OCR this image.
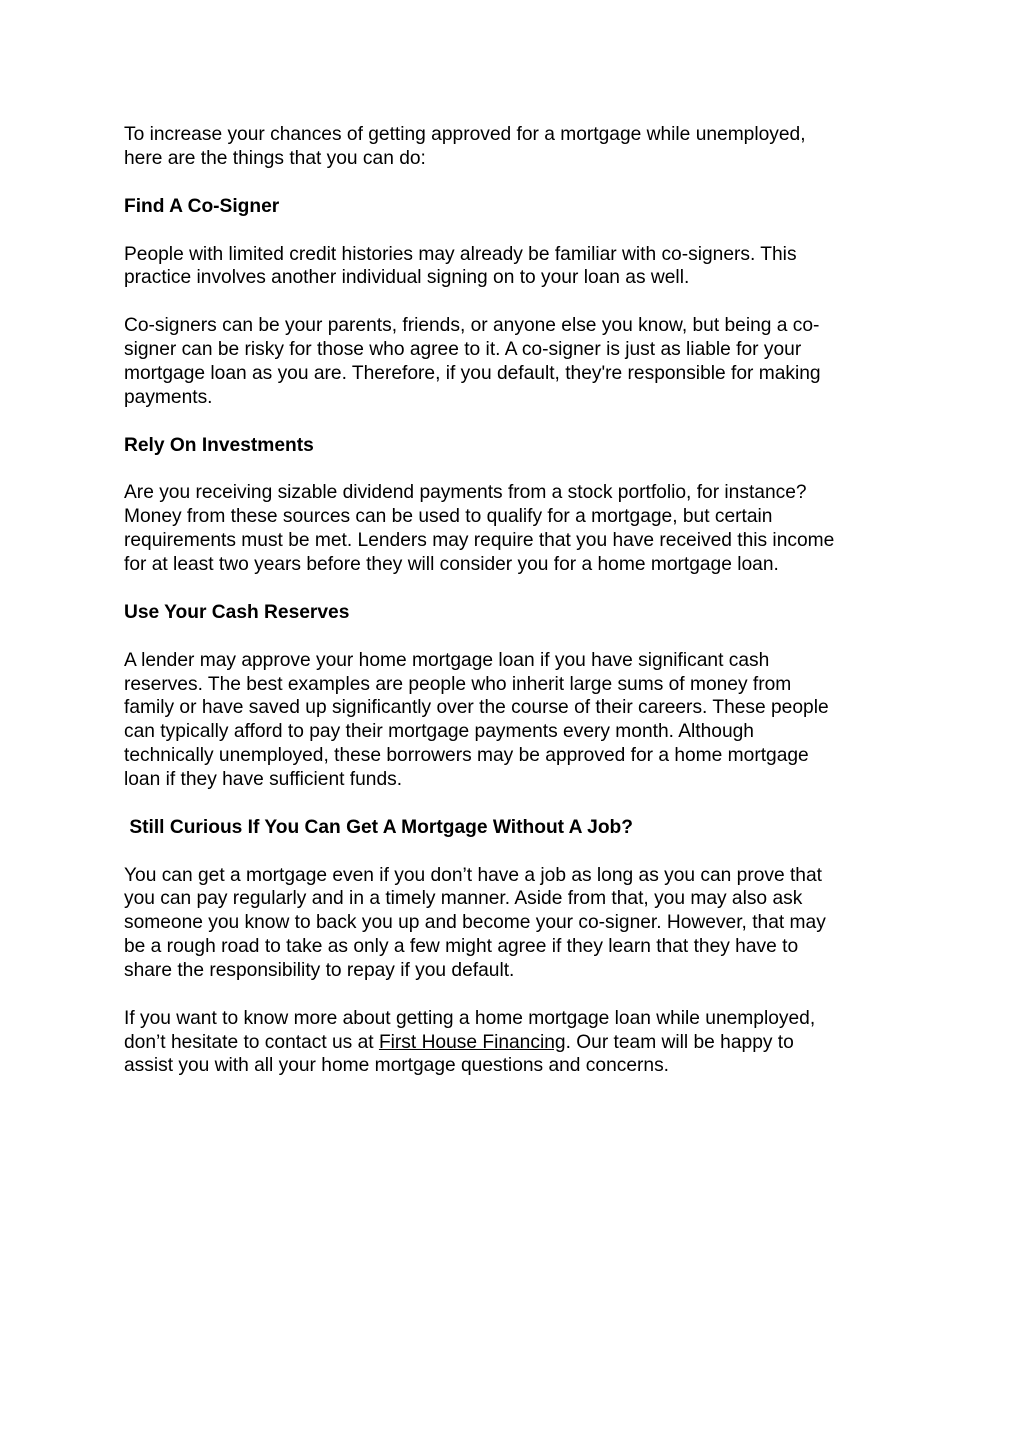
To increase your chances of getting approved for a mortgage while unemployed,
here are the things that you can do:

Find A Co-Signer

People with limited credit histories may already be familiar with co-signers. This
practice involves another individual signing on to your loan as well.

Co-signers can be your parents, friends, or anyone else you know, but being a co-
signer can be risky for those who agree to it. A co-signer is just as liable for your
mortgage loan as you are. Therefore, if you default, they're responsible for making
payments.

Rely On Investments

Are you receiving sizable dividend payments from a stock portfolio, for instance?
Money from these sources can be used to qualify for a mortgage, but certain
requirements must be met. Lenders may require that you have received this income
for at least two years before they will consider you for a home mortgage loan.

Use Your Cash Reserves

A lender may approve your home mortgage loan if you have significant cash
reserves. The best examples are people who inherit large sums of money from
family or have saved up significantly over the course of their careers. These people
can typically afford to pay their mortgage payments every month. Although
technically unemployed, these borrowers may be approved for a home mortgage
loan if they have sufficient funds.

Still Curious If You Can Get A Mortgage Without A Job?

You can get a mortgage even if you don’t have a job as long as you can prove that
you can pay regularly and in a timely manner. Aside from that, you may also ask
someone you know to back you up and become your co-signer. However, that may
be a rough road to take as only a few might agree if they learn that they have to
share the responsibility to repay if you default.

If you want to know more about getting a home mortgage loan while unemployed,
don’t hesitate to contact us at First House Financing. Our team will be happy to
assist you with all your home mortgage questions and concerns.
